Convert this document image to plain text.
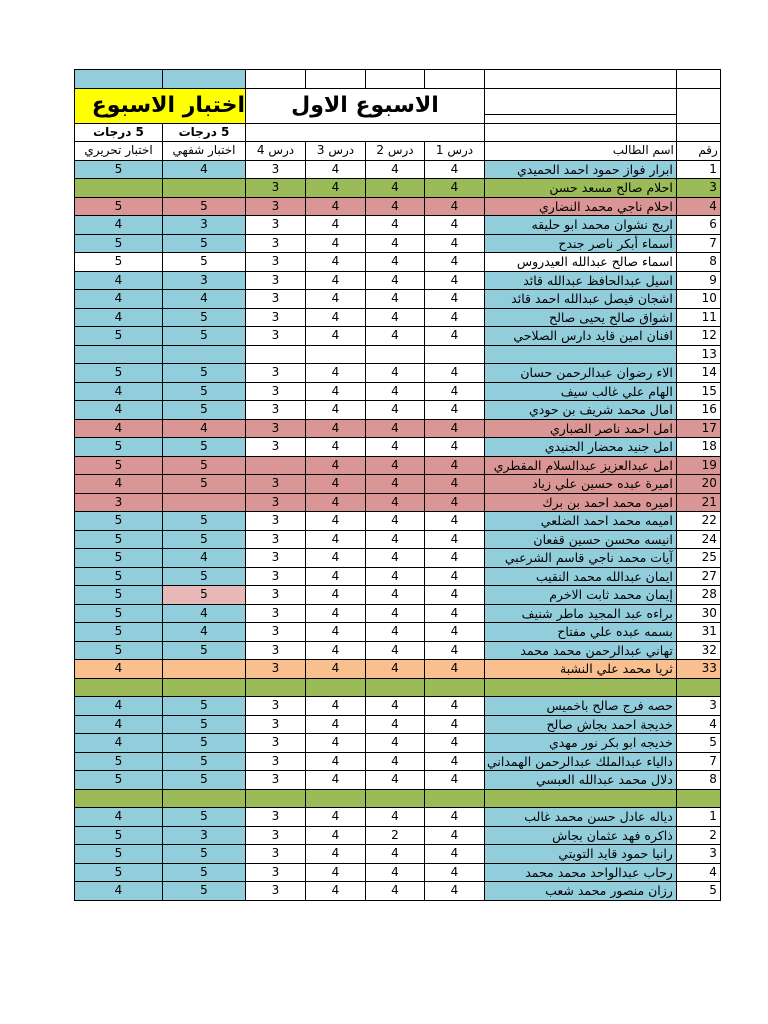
اختبار الاسبوع		الاسبوع الاول				

5 درجات	5 درجات						
اختبار تحريري	اختبار شفهي	درس 4	درس 3	درس 2	درس 1	اسم الطالب	رقم
5	4	3	4	4	4	ابرار فواز حمود احمد الحميدي	1
		3	4	4	4	احلام صالح مسعد حسن	3
5	5	3	4	4	4	احلام ناجي محمد النضاري	4
4	3	3	4	4	4	اريج نشوان محمد ابو حليقه	6
5	5	3	4	4	4	أسماء أبكر ناصر جندح	7
5	5	3	4	4	4	اسماء صالح عبدالله العيدروس	8
4	3	3	4	4	4	اسيل عبدالحافظ عبدالله قائد	9
4	4	3	4	4	4	اشجان فيصل عبدالله احمد قائد	10
4	5	3	4	4	4	اشواق صالح يحيى صالح	11
5	5	3	4	4	4	افنان امين قايد دارس الصلاحي	12
							13
5	5	3	4	4	4	الاء رضوان عبدالرحمن حسان	14
4	5	3	4	4	4	الهام علي غالب سيف	15
4	5	3	4	4	4	امال محمد شريف بن حودي	16
4	4	3	4	4	4	امل احمد ناصر الصباري	17
5	5	3	4	4	4	امل جنيد محضار الجنيدي	18
5	5		4	4	4	امل عبدالعزيز عبدالسلام المقطري	19
4	5	3	4	4	4	اميرة عبده حسين علي زياد	20
3		3	4	4	4	اميره محمد احمد بن برك	21
5	5	3	4	4	4	اميمه محمد احمد الضلعي	22
5	5	3	4	4	4	انيسه محسن حسين قفعان	24
5	4	3	4	4	4	آيات محمد ناجي قاسم الشرعبي	25
5	5	3	4	4	4	ايمان عبدالله محمد النقيب	27
5	5	3	4	4	4	إيمان محمد ثابت الاخرم	28
5	4	3	4	4	4	براءه عبد المجيد ماطر شنيف	30
5	4	3	4	4	4	بسمه عبده علي مفتاح	31
5	5	3	4	4	4	تهاني عبدالرحمن محمد محمد	32
4		3	4	4	4	ثريا محمد علي النشبة	33

4	5	3	4	4	4	حصه فرج صالح باخميس	3
4	5	3	4	4	4	خديجة احمد بجاش صالح	4
4	5	3	4	4	4	خديجه ابو بكر نور مهدي	5
5	5	3	4	4	4	دالياء عبدالملك عبدالرحمن الهمداني	7
5	5	3	4	4	4	دلال محمد عبدالله العبسي	8

4	5	3	4	4	4	دياله عادل حسن محمد غالب	1
5	3	3	4	2	4	ذاكره فهد عثمان بجاش	2
5	5	3	4	4	4	رانيا حمود قايد التويتي	3
5	5	3	4	4	4	رحاب عبدالواحد محمد محمد	4
4	5	3	4	4	4	رزان منصور محمد شعب	5
